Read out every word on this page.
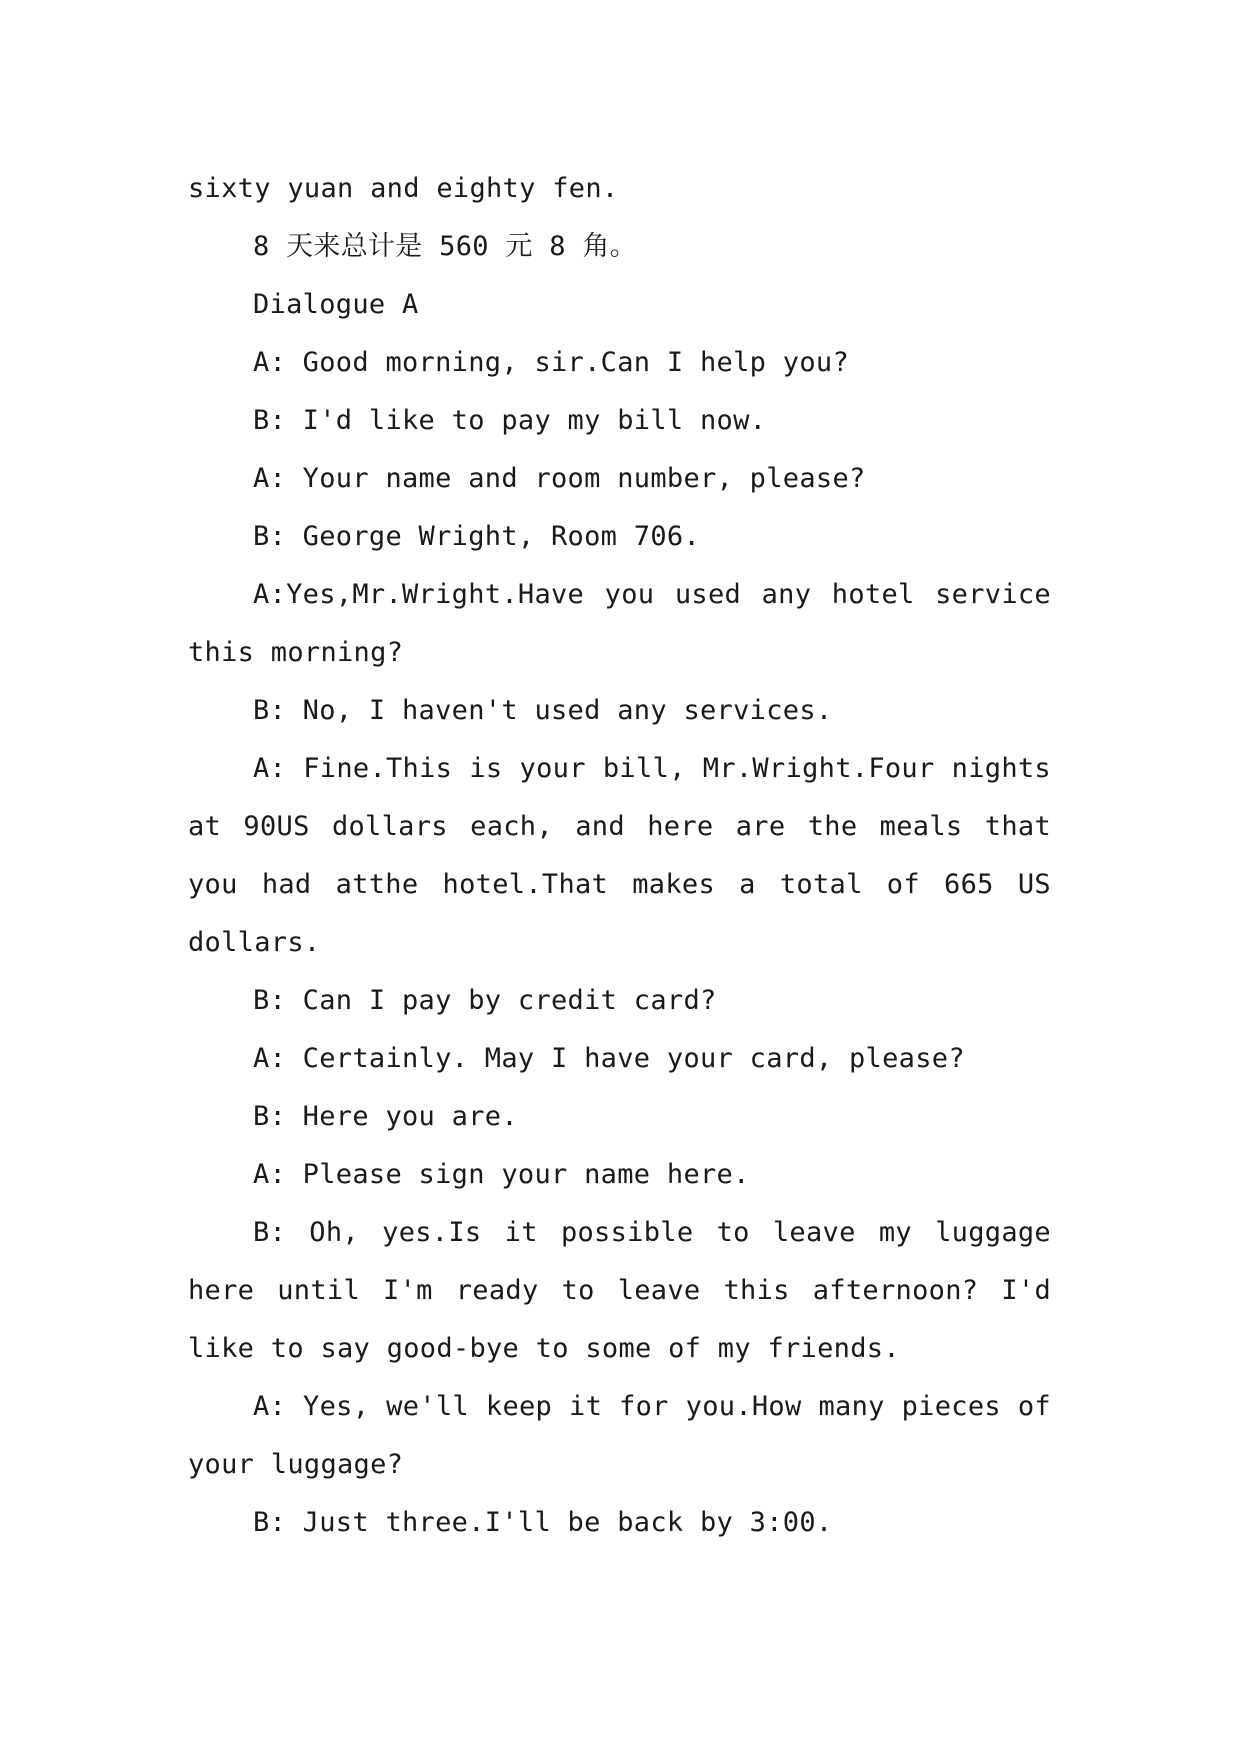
sixty yuan and eighty fen.

8 天来总计是 560 元 8 角。

Dialogue A

A: Good morning, sir.Can I help you?

B: I'd like to pay my bill now.

A: Your name and room number, please?

B: George Wright, Room 706.

A:Yes,Mr.Wright.Have you used any hotel service this morning?

B: No, I haven't used any services.

A: Fine.This is your bill, Mr.Wright.Four nights at 90US dollars each, and here are the meals that you had atthe hotel.That makes a total of 665 US dollars.

B: Can I pay by credit card?

A: Certainly. May I have your card, please?

B: Here you are.

A: Please sign your name here.

B: Oh, yes.Is it possible to leave my luggage here until I'm ready to leave this afternoon? I'd like to say good-bye to some of my friends.

A: Yes, we'll keep it for you.How many pieces of your luggage?

B: Just three.I'll be back by 3:00.
